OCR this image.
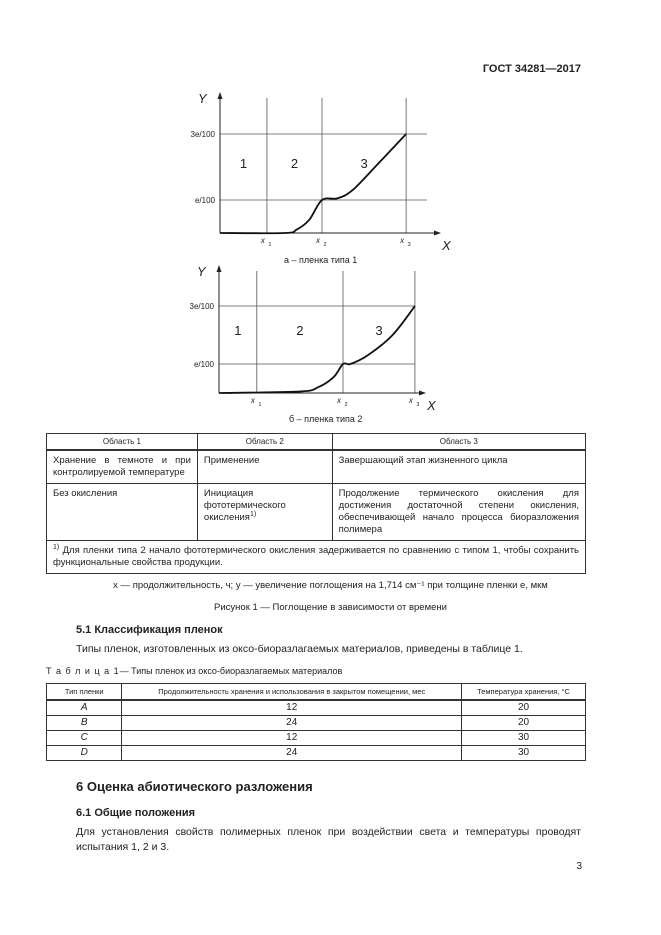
ГОСТ 34281—2017
e/100
3e/100
Y
X
x 1	x 2	x 3
1	2	3
а – пленка типа 1
e/100
3e/100
Y
X
x 1	x 2	x 3
1	2	3
б – пленка типа 2
Область 1	Область 2	Область 3
Хранение в темноте и при контролируемой температуре	Применение	Завершающий этап жизненного цикла
Без окисления	Инициация фототермического окисления$^{1)}$	Продолжение термического окисления для достижения достаточной степени окисления, обеспечивающей начало процесса биоразложения полимера
$^{1)}$ Для пленки типа 2 начало фототермического окисления задерживается по сравнению с типом 1, чтобы сохранить функциональные свойства продукции.		
x — продолжительность, ч; y — увеличение поглощения на 1,714 см⁻¹ при толщине пленки e, мкм
Рисунок 1 — Поглощение в зависимости от времени
5.1 Классификация пленок
Типы пленок, изготовленных из оксо-биоразлагаемых материалов, приведены в таблице 1.
Т а б л и ц а 1— Типы пленок из оксо-биоразлагаемых материалов
Тип пленки	Продолжительность хранения и использования в закрытом помещении, мес	Температура хранения, °С
A	12	20
B	24	20
C	12	30
D	24	30
6 Оценка абиотического разложения
6.1 Общие положения
Для установления свойств полимерных пленок при воздействии света и температуры проводят испытания 1, 2 и 3.
3
